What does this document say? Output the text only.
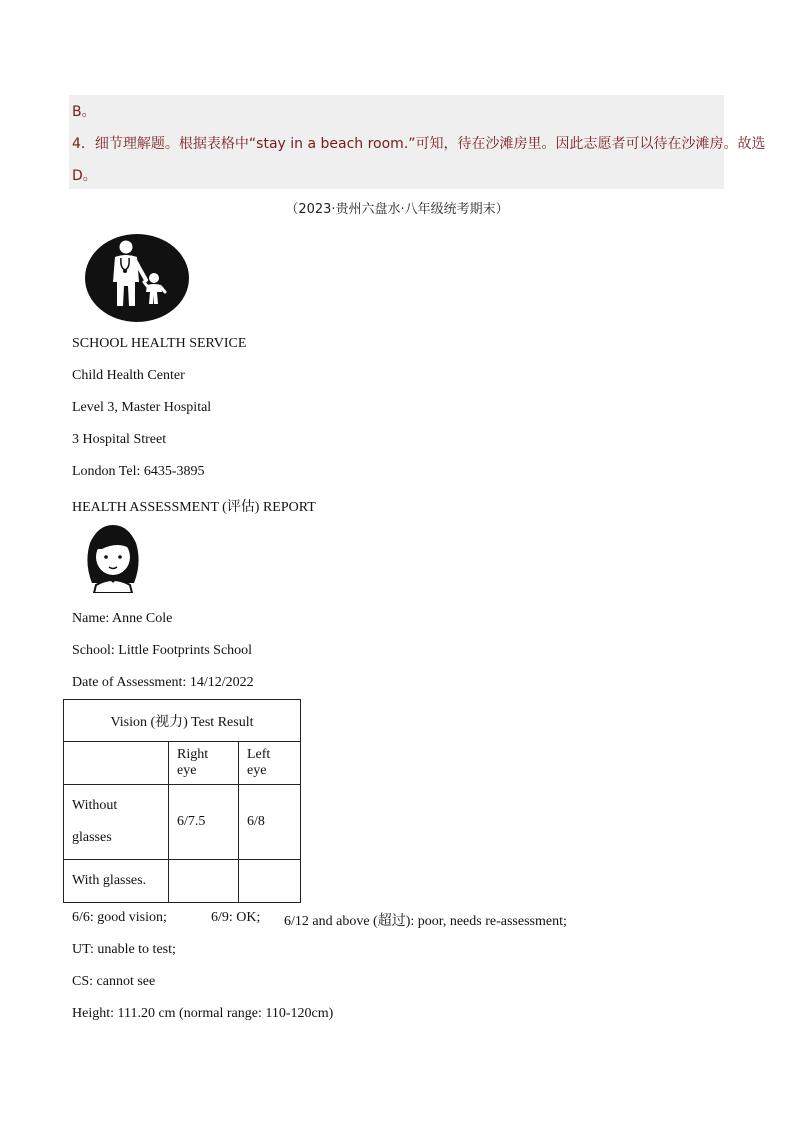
B。
4．细节理解题。根据表格中“stay in a beach room.”可知，待在沙滩房里。因此志愿者可以待在沙滩房。故选
D。
（2023·贵州六盘水·八年级统考期末）
SCHOOL HEALTH SERVICE
Child Health Center
Level 3, Master Hospital
3 Hospital Street
London Tel: 6435-3895
HEALTH ASSESSMENT (评估) REPORT
Name: Anne Cole
School: Little Footprints School
Date of Assessment: 14/12/2022
Vision (视力) Test Result		
	Right eye	Left eye
Without
glasses	6/7.5	6/8
With glasses.		
6/6: good vision;	6/9: OK; 6/12 and above (超过): poor, needs re-assessment;
UT: unable to test;
CS: cannot see
Height: 111.20 cm (normal range: 110-120cm)
